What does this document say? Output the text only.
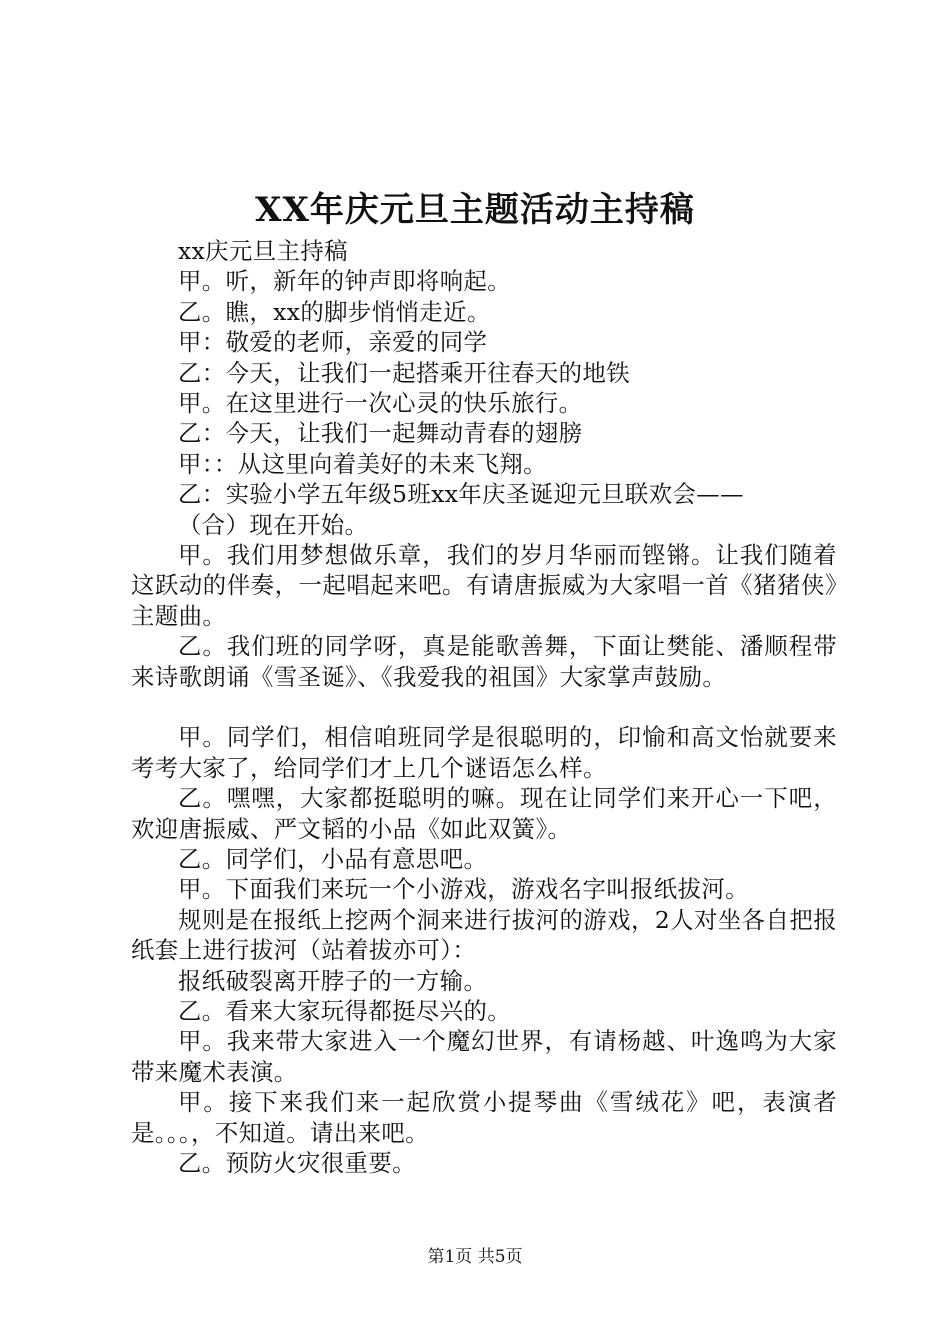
XX年庆元旦主题活动主持稿
xx庆元旦主持稿
甲。听，新年的钟声即将响起。
乙。瞧，xx的脚步悄悄走近。
甲：敬爱的老师，亲爱的同学
乙：今天，让我们一起搭乘开往春天的地铁
甲。在这里进行一次心灵的快乐旅行。
乙：今天，让我们一起舞动青春的翅膀
甲：：从这里向着美好的未来飞翔。
乙：实验小学五年级5班xx年庆圣诞迎元旦联欢会——
（合）现在开始。
甲。我们用梦想做乐章，我们的岁月华丽而铿锵。让我们随着这跃动的伴奏，一起唱起来吧。有请唐振威为大家唱一首《猪猪侠》主题曲。
乙。我们班的同学呀，真是能歌善舞，下面让樊能、潘顺程带来诗歌朗诵《雪圣诞》、《我爱我的祖国》大家掌声鼓励。
甲。同学们，相信咱班同学是很聪明的，印愉和高文怡就要来考考大家了，给同学们才上几个谜语怎么样。
乙。嘿嘿，大家都挺聪明的嘛。现在让同学们来开心一下吧，欢迎唐振威、严文韬的小品《如此双簧》。
乙。同学们，小品有意思吧。
甲。下面我们来玩一个小游戏，游戏名字叫报纸拔河。
规则是在报纸上挖两个洞来进行拔河的游戏，2人对坐各自把报纸套上进行拔河（站着拔亦可）：
报纸破裂离开脖子的一方输。
乙。看来大家玩得都挺尽兴的。
甲。我来带大家进入一个魔幻世界，有请杨越、叶逸鸣为大家带来魔术表演。
甲。接下来我们来一起欣赏小提琴曲《雪绒花》吧，表演者是。。。，不知道。请出来吧。
乙。预防火灾很重要。
第1页 共5页
